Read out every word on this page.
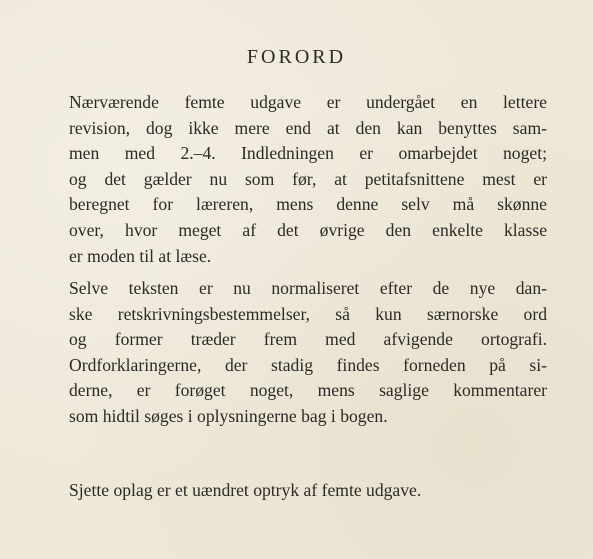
FORORD
Nærværende femte udgave er undergået en lettere
revision, dog ikke mere end at den kan benyttes sam-
men med 2.–4. Indledningen er omarbejdet noget;
og det gælder nu som før, at petitafsnittene mest er
beregnet for læreren, mens denne selv må skønne
over, hvor meget af det øvrige den enkelte klasse
er moden til at læse.
Selve teksten er nu normaliseret efter de nye dan-
ske retskrivningsbestemmelser, så kun særnorske ord
og former træder frem med afvigende ortografi.
Ordforklaringerne, der stadig findes forneden på si-
derne, er forøget noget, mens saglige kommentarer
som hidtil søges i oplysningerne bag i bogen.
Sjette oplag er et uændret optryk af femte udgave.
